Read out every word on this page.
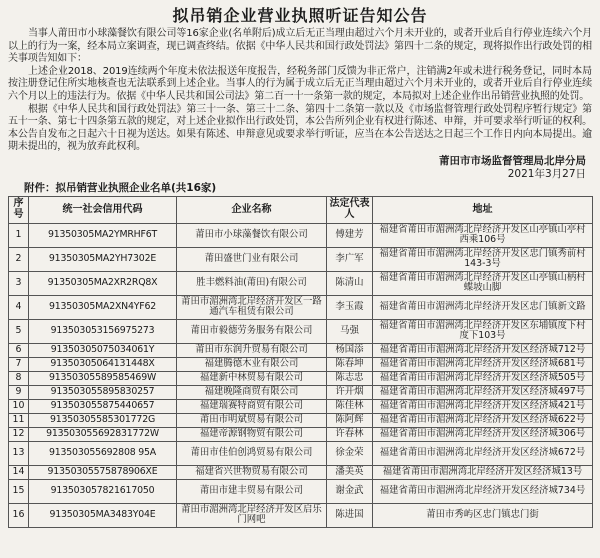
拟吊销企业营业执照听证告知公告

当事人莆田市小球藻餐饮有限公司等16家企业(名单附后)成立后无正当理由超过六个月未开业的，或者开业后自行停业连续六个月以上的行为一案，经本局立案调查，现已调查终结。依据《中华人民共和国行政处罚法》第四十二条的规定，现将拟作出行政处罚的相关事项告知如下：

上述企业2018、2019连续两个年度未依法报送年度报告，经税务部门反馈为非正常户，注销满2年或未进行税务登记，同时本局按注册登记住所实地核查也无法联系到上述企业。当事人的行为属于成立后无正当理由超过六个月未开业的，或者开业后自行停业连续六个月以上的违法行为。依据《中华人民共和国公司法》第二百一十一条第一款的规定，本局拟对上述企业作出吊销营业执照的处罚。

根据《中华人民共和国行政处罚法》第三十一条、第三十二条、第四十二条第一款以及《市场监督管理行政处罚程序暂行规定》第五十一条、第七十四条第五款的规定，对上述企业拟作出行政处罚，本公告所列企业有权进行陈述、申辩，并可要求举行听证的权利。本公告自发布之日起六十日视为送达。如果有陈述、申辩意见或要求举行听证，应当在本公告送达之日起三个工作日内向本局提出。逾期未提出的，视为放弃此权利。

莆田市市场监督管理局北岸分局
2021年3月27日
附件：拟吊销营业执照企业名单(共16家)
序号	统一社会信用代码	企业名称	法定代表人	地址
1	91350305MA2YMRHF6T	莆田市小球藻餐饮有限公司	傅建芳	福建省莆田市湄洲湾北岸经济开发区山亭镇山亭村西乘106号
2	91350305MA2YH7302E	莆田盛世门业有限公司	李广军	福建省莆田市湄洲湾北岸经济开发区忠门镇秀前村143-3号
3	91350305MA2XR2RQ8X	胜丰燃料油(莆田)有限公司	陈清山	福建省莆田市湄洲湾北岸经济开发区山亭镇山柄村蝶坡山脚
4	91350305MA2XN4YF62	莆田市湄洲湾北岸经济开发区一路通汽车租赁有限公司	李玉霞	福建省莆田市湄洲湾北岸经济开发区忠门镇新文路
5	913503053156975273	莆田市毅德劳务服务有限公司	马强	福建省莆田市湄洲湾北岸经济开发区东埔镇度下村度下103号
6	91350305075034061Y	莆田市东润升贸易有限公司	杨国添	福建省莆田市湄洲湾北岸经济开发区经济城712号
7	91350305064131448X	福建腾德木业有限公司	陈春坤	福建省莆田市湄洲湾北岸经济开发区经济城681号
8	91350305589585469W	福建新中林贸易有限公司	陈志忠	福建省莆田市湄洲湾北岸经济开发区经济城505号
9	913503055895830257	福建晚隆商贸有限公司	许开烟	福建省莆田市湄洲湾北岸经济开发区经济城497号
10	913503055875440657	福建瑞赛特商贸有限公司	陈佳林	福建省莆田市湄洲湾北岸经济开发区经济城421号
11	91350305585301772G	莆田市明斌贸易有限公司	陈阿辉	福建省莆田市湄洲湾北岸经济开发区经济城622号
12	913503055692831772W	福建帝源钢物贸有限公司	许春林	福建省莆田市湄洲湾北岸经济开发区经济城306号
13	913503055692808 95A	莆田市佳伯创鸿贸易有限公司	徐金荣	福建省莆田市湄洲湾北岸经济开发区经济城672号
14	91350305575878906XE	福建省兴世物贸易有限公司	潘美英	福建省莆田市湄洲湾北岸经济开发区经济城13号
15	913503057821617050	莆田市建丰贸易有限公司	谢金武	福建省莆田市湄洲湾北岸经济开发区经济城734号
16	91350305MA3483Y04E	莆田市湄洲湾北岸经济开发区启乐门网吧	陈进国	莆田市秀屿区忠门镇忠门街
